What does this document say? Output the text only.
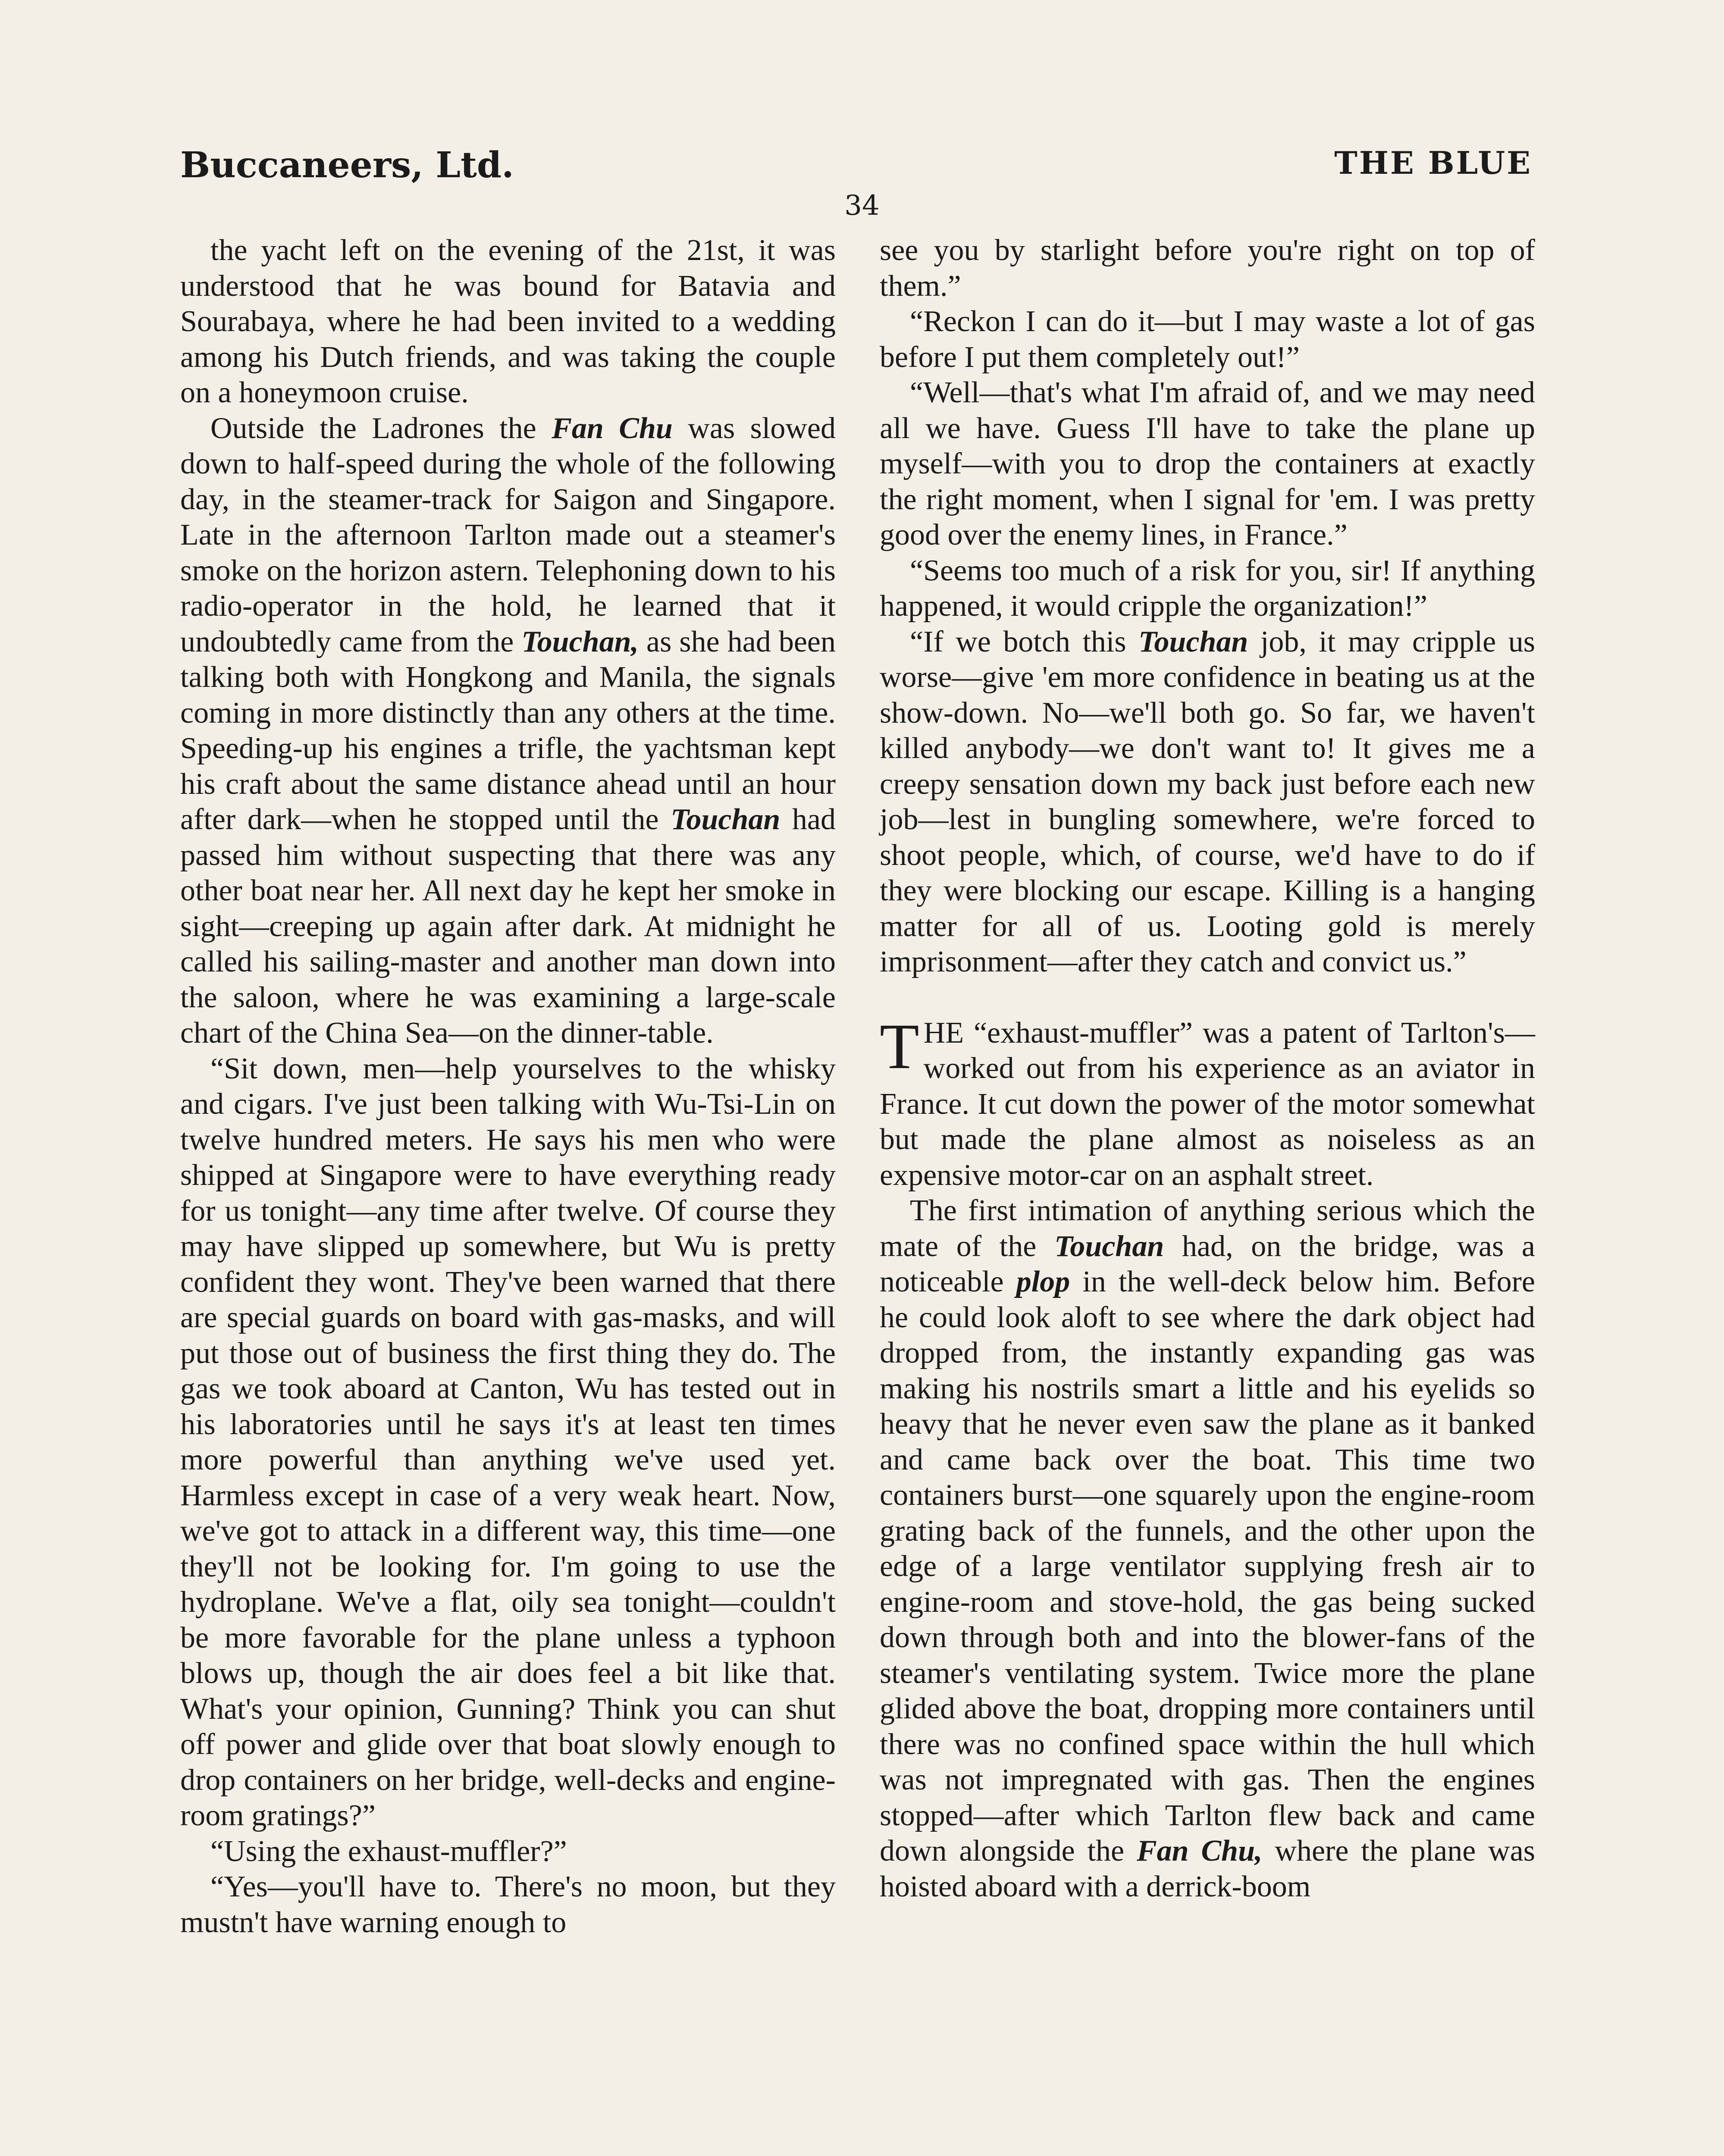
Buccaneers, Ltd.	THE BLUE
34

the yacht left on the evening of the 21st, it was understood that he was bound for Batavia and Sourabaya, where he had been invited to a wedding among his Dutch friends, and was taking the couple on a honeymoon cruise.

Outside the Ladrones the Fan Chu was slowed down to half-speed during the whole of the following day, in the steamer-track for Saigon and Singapore. Late in the afternoon Tarlton made out a steamer's smoke on the horizon astern. Telephoning down to his radio-operator in the hold, he learned that it undoubtedly came from the Touchan, as she had been talking both with Hongkong and Manila, the signals coming in more distinctly than any others at the time. Speeding-up his engines a trifle, the yachtsman kept his craft about the same distance ahead until an hour after dark—when he stopped until the Touchan had passed him without suspecting that there was any other boat near her. All next day he kept her smoke in sight—creeping up again after dark. At midnight he called his sailing-master and another man down into the saloon, where he was examining a large-scale chart of the China Sea—on the dinner-table.

“Sit down, men—help yourselves to the whisky and cigars. I've just been talking with Wu-Tsi-Lin on twelve hundred meters. He says his men who were shipped at Singapore were to have everything ready for us tonight—any time after twelve. Of course they may have slipped up somewhere, but Wu is pretty confident they wont. They've been warned that there are special guards on board with gas-masks, and will put those out of business the first thing they do. The gas we took aboard at Canton, Wu has tested out in his laboratories until he says it's at least ten times more powerful than anything we've used yet. Harmless except in case of a very weak heart. Now, we've got to attack in a different way, this time—one they'll not be looking for. I'm going to use the hydroplane. We've a flat, oily sea tonight—couldn't be more favorable for the plane unless a typhoon blows up, though the air does feel a bit like that. What's your opinion, Gunning? Think you can shut off power and glide over that boat slowly enough to drop containers on her bridge, well-decks and engine-room gratings?”

“Using the exhaust-muffler?”

“Yes—you'll have to. There's no moon, but they mustn't have warning enough to

see you by starlight before you're right on top of them.”

“Reckon I can do it—but I may waste a lot of gas before I put them completely out!”

“Well—that's what I'm afraid of, and we may need all we have. Guess I'll have to take the plane up myself—with you to drop the containers at exactly the right moment, when I signal for 'em. I was pretty good over the enemy lines, in France.”

“Seems too much of a risk for you, sir! If anything happened, it would cripple the organization!”

“If we botch this Touchan job, it may cripple us worse—give 'em more confidence in beating us at the show-down. No—we'll both go. So far, we haven't killed anybody—we don't want to! It gives me a creepy sensation down my back just before each new job—lest in bungling somewhere, we're forced to shoot people, which, of course, we'd have to do if they were blocking our escape. Killing is a hanging matter for all of us. Looting gold is merely imprisonment—after they catch and convict us.”

THE “exhaust-muffler” was a patent of Tarlton's—worked out from his experience as an aviator in France. It cut down the power of the motor somewhat but made the plane almost as noiseless as an expensive motor-car on an asphalt street.

The first intimation of anything serious which the mate of the Touchan had, on the bridge, was a noticeable plop in the well-deck below him. Before he could look aloft to see where the dark object had dropped from, the instantly expanding gas was making his nostrils smart a little and his eyelids so heavy that he never even saw the plane as it banked and came back over the boat. This time two containers burst—one squarely upon the engine-room grating back of the funnels, and the other upon the edge of a large ventilator supplying fresh air to engine-room and stove-hold, the gas being sucked down through both and into the blower-fans of the steamer's ventilating system. Twice more the plane glided above the boat, dropping more containers until there was no confined space within the hull which was not impregnated with gas. Then the engines stopped—after which Tarlton flew back and came down alongside the Fan Chu, where the plane was hoisted aboard with a derrick-boom
